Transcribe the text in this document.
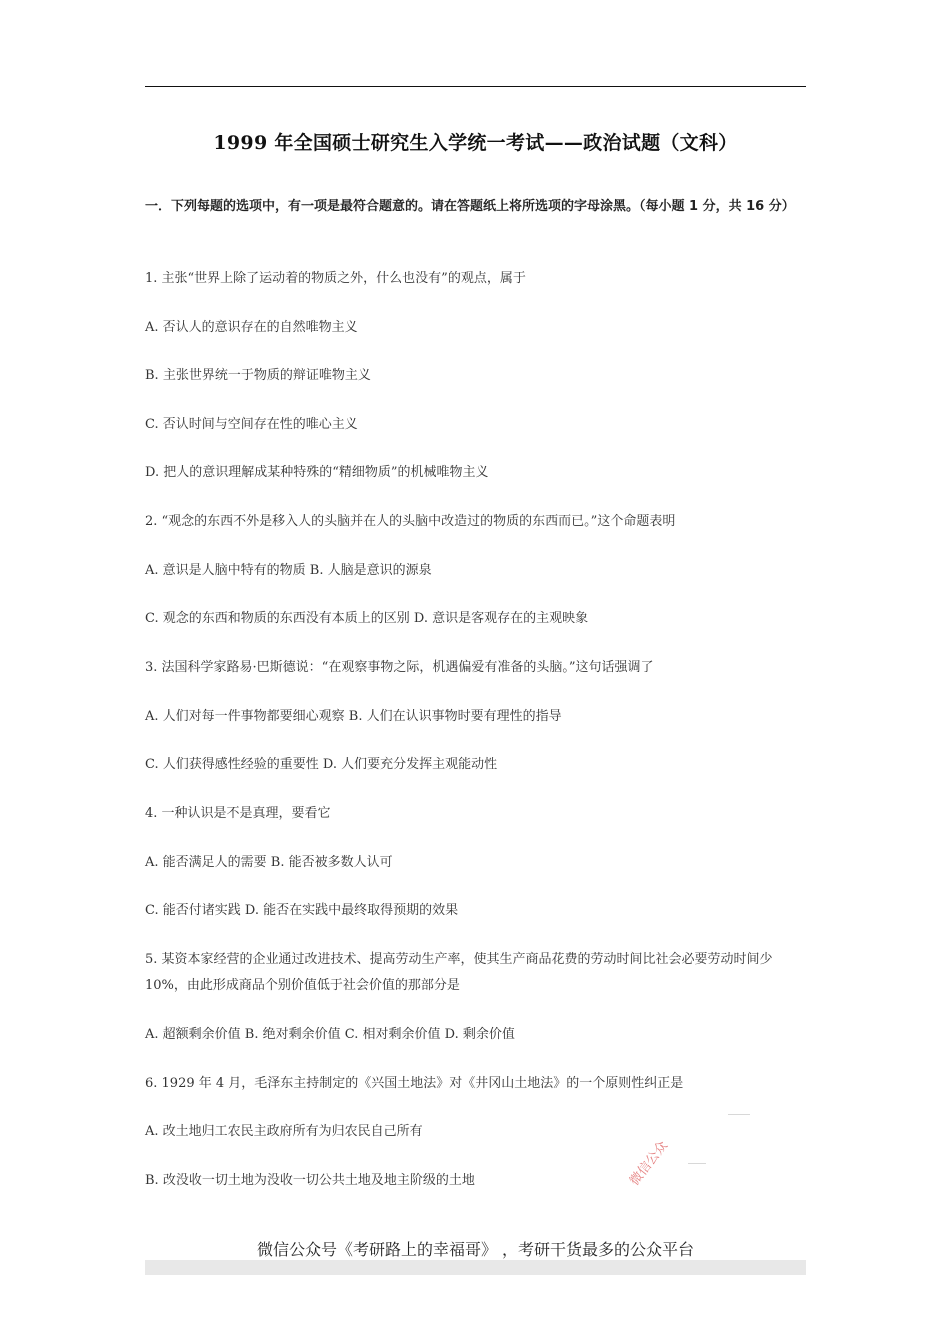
1999 年全国硕士研究生入学统一考试——政治试题（文科）
一．下列每题的选项中，有一项是最符合题意的。请在答题纸上将所选项的字母涂黑。（每小题 1 分，共 16 分）
1. 主张“世界上除了运动着的物质之外，什么也没有”的观点，属于
A. 否认人的意识存在的自然唯物主义
B. 主张世界统一于物质的辩证唯物主义
C. 否认时间与空间存在性的唯心主义
D. 把人的意识理解成某种特殊的“精细物质”的机械唯物主义
2. “观念的东西不外是移入人的头脑并在人的头脑中改造过的物质的东西而已。”这个命题表明
A. 意识是人脑中特有的物质 B. 人脑是意识的源泉
C. 观念的东西和物质的东西没有本质上的区别 D. 意识是客观存在的主观映象
3. 法国科学家路易·巴斯德说：“在观察事物之际，机遇偏爱有准备的头脑。”这句话强调了
A. 人们对每一件事物都要细心观察 B. 人们在认识事物时要有理性的指导
C. 人们获得感性经验的重要性 D. 人们要充分发挥主观能动性
4. 一种认识是不是真理，要看它
A. 能否满足人的需要 B. 能否被多数人认可
C. 能否付诸实践 D. 能否在实践中最终取得预期的效果
5. 某资本家经营的企业通过改进技术、提高劳动生产率，使其生产商品花费的劳动时间比社会必要劳动时间少 10%，由此形成商品个别价值低于社会价值的那部分是
A. 超额剩余价值 B. 绝对剩余价值 C. 相对剩余价值 D. 剩余价值
6. 1929 年 4 月，毛泽东主持制定的《兴国土地法》对《井冈山土地法》的一个原则性纠正是
A. 改土地归工农民主政府所有为归农民自己所有
B. 改没收一切土地为没收一切公共土地及地主阶级的土地	微信公众
微信公众号《考研路上的幸福哥》 ，考研干货最多的公众平台
